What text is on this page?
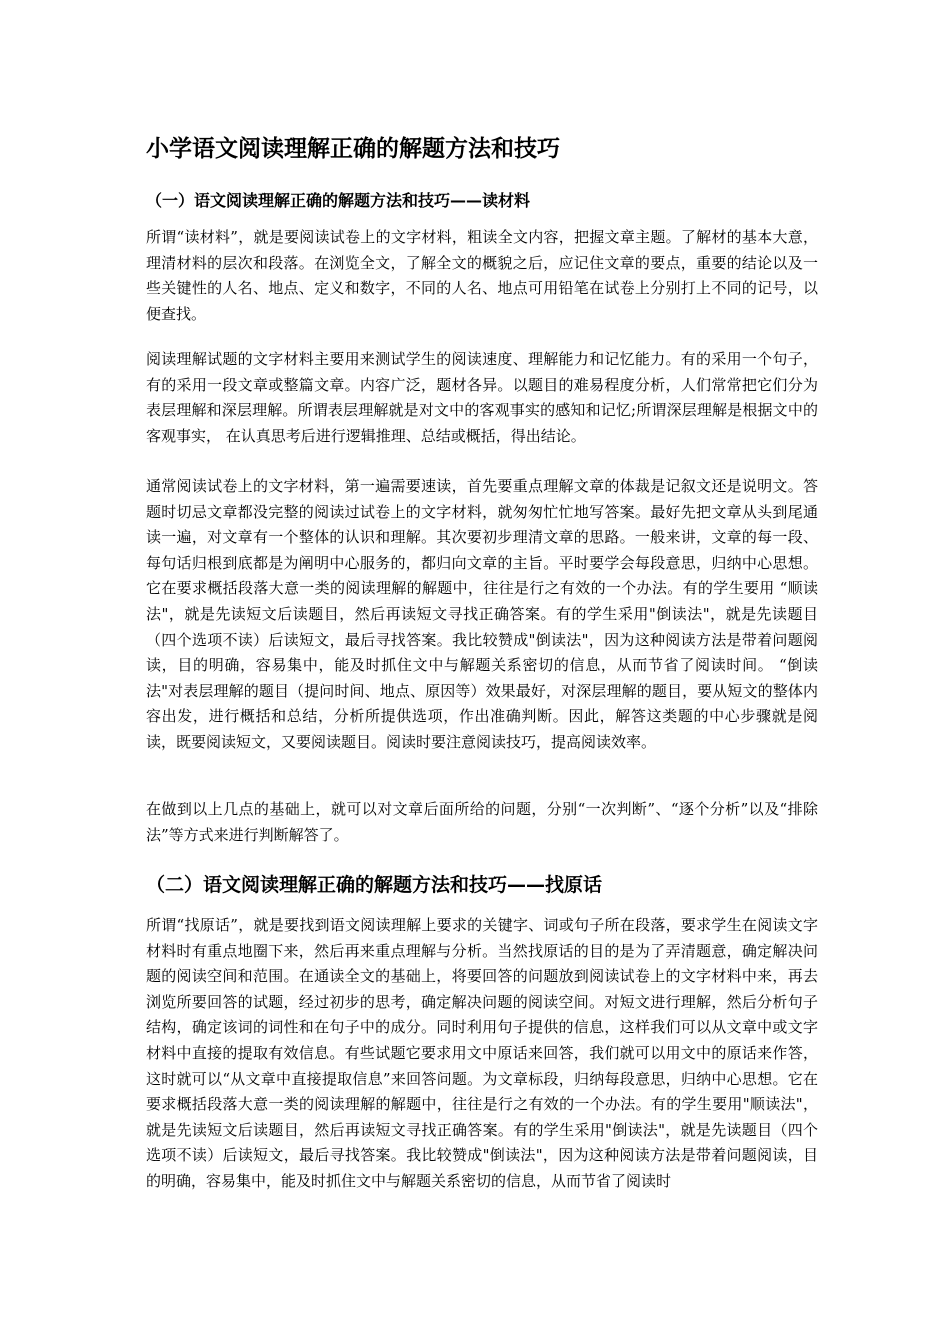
小学语文阅读理解正确的解题方法和技巧
（一）语文阅读理解正确的解题方法和技巧——读材料

所谓“读材料”，就是要阅读试卷上的文字材料，粗读全文内容，把握文章主题。了解材的基本大意，理清材料的层次和段落。在浏览全文，了解全文的概貌之后，应记住文章的要点，重要的结论以及一些关键性的人名、地点、定义和数字，不同的人名、地点可用铅笔在试卷上分别打上不同的记号，以便查找。

阅读理解试题的文字材料主要用来测试学生的阅读速度、理解能力和记忆能力。有的采用一个句子，有的采用一段文章或整篇文章。内容广泛，题材各异。以题目的难易程度分析，人们常常把它们分为表层理解和深层理解。所谓表层理解就是对文中的客观事实的感知和记忆;所谓深层理解是根据文中的客观事实， 在认真思考后进行逻辑推理、总结或概括，得出结论。

通常阅读试卷上的文字材料，第一遍需要速读，首先要重点理解文章的体裁是记叙文还是说明文。答题时切忌文章都没完整的阅读过试卷上的文字材料，就匆匆忙忙地写答案。最好先把文章从头到尾通读一遍，对文章有一个整体的认识和理解。其次要初步理清文章的思路。一般来讲，文章的每一段、每句话归根到底都是为阐明中心服务的，都归向文章的主旨。平时要学会每段意思，归纳中心思想。它在要求概括段落大意一类的阅读理解的解题中，往往是行之有效的一个办法。有的学生要用 “顺读法"，就是先读短文后读题目，然后再读短文寻找正确答案。有的学生采用"倒读法"，就是先读题目（四个选项不读）后读短文，最后寻找答案。我比较赞成"倒读法"，因为这种阅读方法是带着问题阅读，目的明确，容易集中，能及时抓住文中与解题关系密切的信息，从而节省了阅读时间。 “倒读法"对表层理解的题目（提问时间、地点、原因等）效果最好，对深层理解的题目，要从短文的整体内容出发，进行概括和总结，分析所提供选项，作出准确判断。因此，解答这类题的中心步骤就是阅读，既要阅读短文，又要阅读题目。阅读时要注意阅读技巧，提高阅读效率。

在做到以上几点的基础上，就可以对文章后面所给的问题，分别“一次判断”、“逐个分析”以及“排除法”等方式来进行判断解答了。

（二）语文阅读理解正确的解题方法和技巧——找原话

所谓“找原话”，就是要找到语文阅读理解上要求的关键字、词或句子所在段落，要求学生在阅读文字材料时有重点地圈下来，然后再来重点理解与分析。当然找原话的目的是为了弄清题意，确定解决问题的阅读空间和范围。在通读全文的基础上，将要回答的问题放到阅读试卷上的文字材料中来，再去浏览所要回答的试题，经过初步的思考，确定解决问题的阅读空间。对短文进行理解，然后分析句子结构，确定该词的词性和在句子中的成分。同时利用句子提供的信息，这样我们可以从文章中或文字材料中直接的提取有效信息。有些试题它要求用文中原话来回答，我们就可以用文中的原话来作答，这时就可以“从文章中直接提取信息”来回答问题。为文章标段，归纳每段意思，归纳中心思想。它在要求概括段落大意一类的阅读理解的解题中，往往是行之有效的一个办法。有的学生要用"顺读法"，就是先读短文后读题目，然后再读短文寻找正确答案。有的学生采用"倒读法"，就是先读题目（四个选项不读）后读短文，最后寻找答案。我比较赞成"倒读法"，因为这种阅读方法是带着问题阅读，目的明确，容易集中，能及时抓住文中与解题关系密切的信息，从而节省了阅读时
